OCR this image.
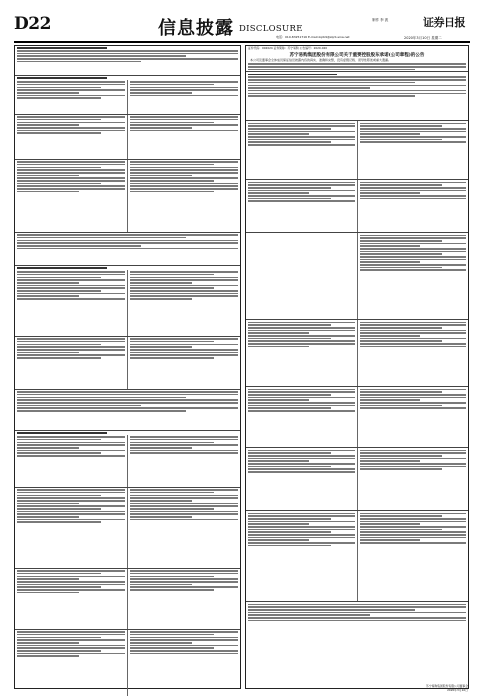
D22	信息披露 DISCLOSURE
制作 李 波	证券日报
电话：010-83251716 E-mail:zqrb9@zqrb.sina.net	2020年3月10日 星期二
证券代码：002024 证券简称：苏宁易购 公告编号：2020-020
苏宁易购集团股份有限公司关于重要控股股东承诺(公司章程)的公告
本公司及董事会全体成员保证信息披露内容的真实、准确和完整，没有虚假记载、误导性陈述或重大遗漏。
苏宁易购集团股份有限公司董事会
2020年3月10日
